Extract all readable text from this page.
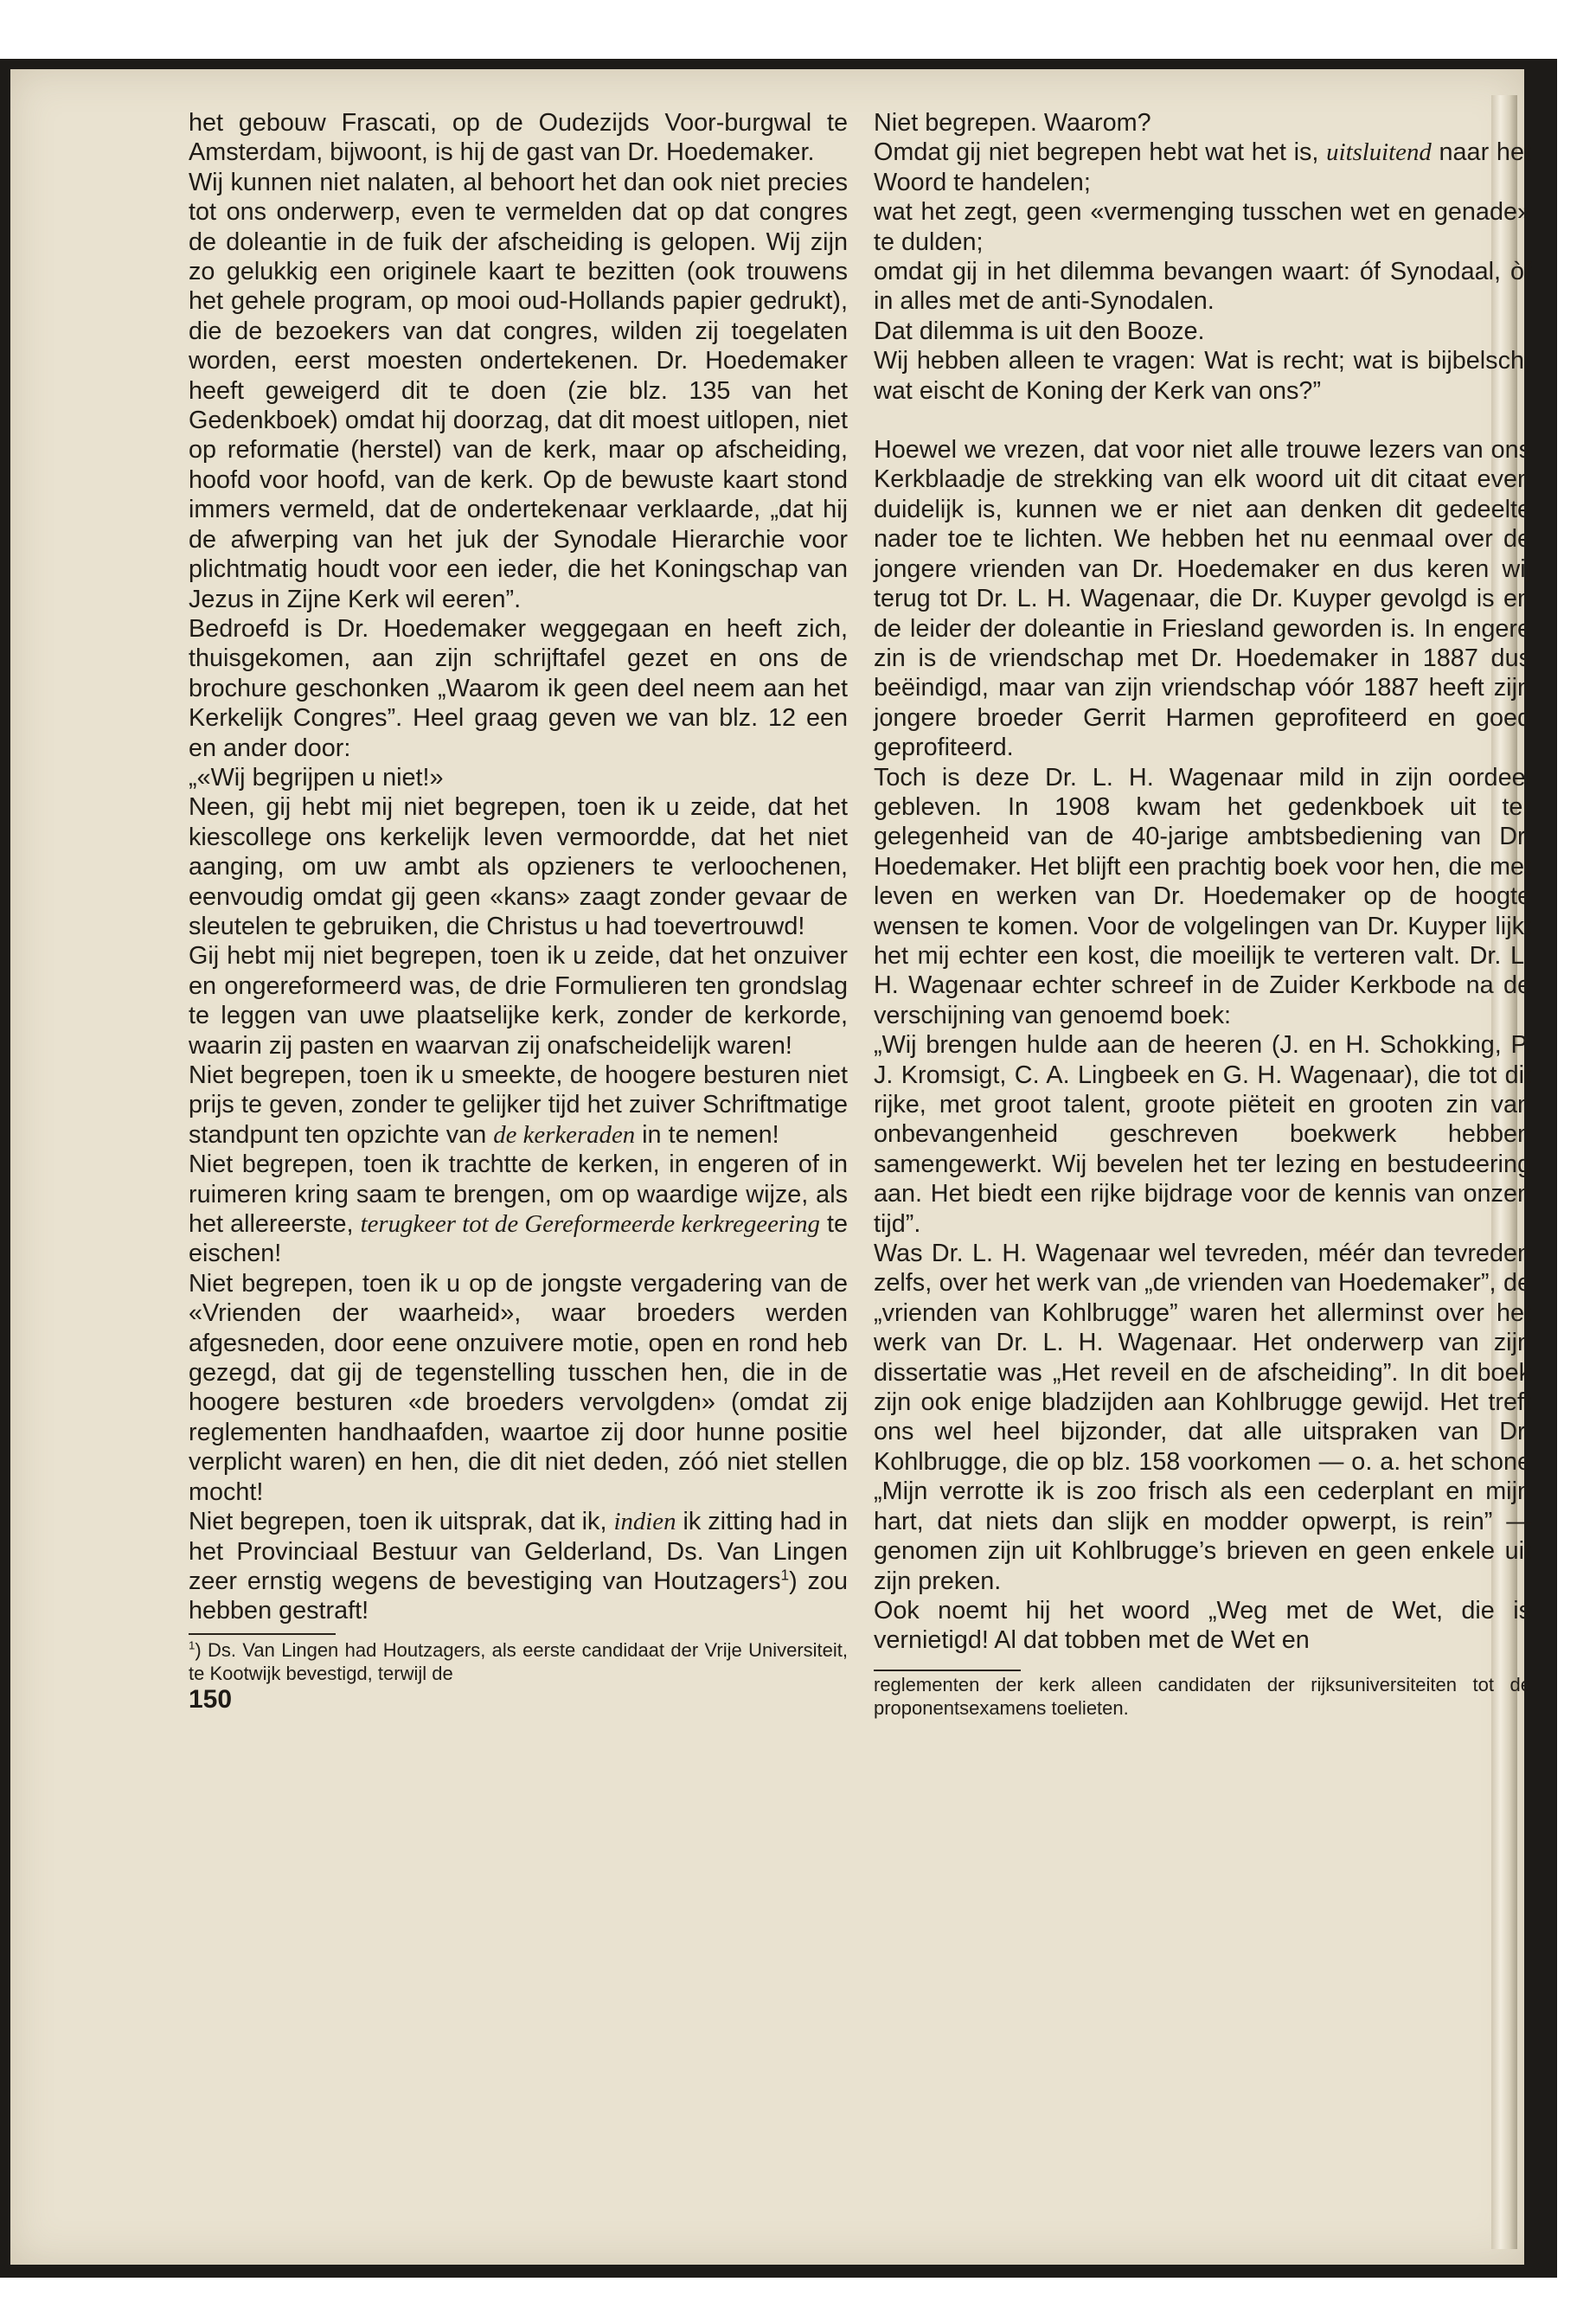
het gebouw Frascati, op de Oudezijds Voor-burgwal te Amsterdam, bijwoont, is hij de gast van Dr. Hoedemaker.

Wij kunnen niet nalaten, al behoort het dan ook niet precies tot ons onderwerp, even te vermelden dat op dat congres de doleantie in de fuik der afscheiding is gelopen. Wij zijn zo gelukkig een originele kaart te bezitten (ook trouwens het gehele program, op mooi oud-Hollands papier gedrukt), die de bezoekers van dat congres, wilden zij toegelaten worden, eerst moesten ondertekenen. Dr. Hoedemaker heeft geweigerd dit te doen (zie blz. 135 van het Gedenkboek) omdat hij doorzag, dat dit moest uitlopen, niet op reformatie (herstel) van de kerk, maar op afscheiding, hoofd voor hoofd, van de kerk. Op de bewuste kaart stond immers vermeld, dat de ondertekenaar verklaarde, „dat hij de afwerping van het juk der Synodale Hierarchie voor plichtmatig houdt voor een ieder, die het Koningschap van Jezus in Zijne Kerk wil eeren”.

Bedroefd is Dr. Hoedemaker weggegaan en heeft zich, thuisgekomen, aan zijn schrijftafel gezet en ons de brochure geschonken „Waarom ik geen deel neem aan het Kerkelijk Congres”. Heel graag geven we van blz. 12 een en ander door:

„«Wij begrijpen u niet!»

Neen, gij hebt mij niet begrepen, toen ik u zeide, dat het kiescollege ons kerkelijk leven vermoordde, dat het niet aanging, om uw ambt als opzieners te verloochenen, eenvoudig omdat gij geen «kans» zaagt zonder gevaar de sleutelen te gebruiken, die Christus u had toevertrouwd!

Gij hebt mij niet begrepen, toen ik u zeide, dat het onzuiver en ongereformeerd was, de drie Formulieren ten grondslag te leggen van uwe plaatselijke kerk, zonder de kerkorde, waarin zij pasten en waarvan zij onafscheidelijk waren!

Niet begrepen, toen ik u smeekte, de hoogere besturen niet prijs te geven, zonder te gelijker tijd het zuiver Schriftmatige standpunt ten opzichte van de kerkeraden in te nemen!

Niet begrepen, toen ik trachtte de kerken, in engeren of in ruimeren kring saam te brengen, om op waardige wijze, als het allereerste, terugkeer tot de Gereformeerde kerkregeering te eischen!

Niet begrepen, toen ik u op de jongste vergadering van de «Vrienden der waarheid», waar broeders werden afgesneden, door eene onzuivere motie, open en rond heb gezegd, dat gij de tegenstelling tusschen hen, die in de hoogere besturen «de broeders vervolgden» (omdat zij reglementen handhaafden, waartoe zij door hunne positie verplicht waren) en hen, die dit niet deden, zóó niet stellen mocht!

Niet begrepen, toen ik uitsprak, dat ik, indien ik zitting had in het Provinciaal Bestuur van Gelderland, Ds. Van Lingen zeer ernstig wegens de bevestiging van Houtzagers$^1$) zou hebben gestraft!

$^1$) Ds. Van Lingen had Houtzagers, als eerste candidaat der Vrije Universiteit, te Kootwijk bevestigd, terwijl de

150

Niet begrepen. Waarom?

Omdat gij niet begrepen hebt wat het is, uitsluitend naar het Woord te handelen;

wat het zegt, geen «vermenging tusschen wet en genade» te dulden;

omdat gij in het dilemma bevangen waart: óf Synodaal, òf in alles met de anti-Synodalen.

Dat dilemma is uit den Booze.

Wij hebben alleen te vragen: Wat is recht; wat is bijbelsch; wat eischt de Koning der Kerk van ons?”

Hoewel we vrezen, dat voor niet alle trouwe lezers van ons Kerkblaadje de strekking van elk woord uit dit citaat even duidelijk is, kunnen we er niet aan denken dit gedeelte nader toe te lichten. We hebben het nu eenmaal over de jongere vrienden van Dr. Hoedemaker en dus keren wij terug tot Dr. L. H. Wagenaar, die Dr. Kuyper gevolgd is en de leider der doleantie in Friesland geworden is. In engere zin is de vriendschap met Dr. Hoedemaker in 1887 dus beëindigd, maar van zijn vriendschap vóór 1887 heeft zijn jongere broeder Gerrit Harmen geprofiteerd en goed geprofiteerd.

Toch is deze Dr. L. H. Wagenaar mild in zijn oordeel gebleven. In 1908 kwam het gedenkboek uit ter gelegenheid van de 40-jarige ambtsbediening van Dr. Hoedemaker. Het blijft een prachtig boek voor hen, die met leven en werken van Dr. Hoedemaker op de hoogte wensen te komen. Voor de volgelingen van Dr. Kuyper lijkt het mij echter een kost, die moeilijk te verteren valt. Dr. L. H. Wagenaar echter schreef in de Zuider Kerkbode na de verschijning van genoemd boek:

„Wij brengen hulde aan de heeren (J. en H. Schokking, P. J. Kromsigt, C. A. Lingbeek en G. H. Wagenaar), die tot dit rijke, met groot talent, groote piëteit en grooten zin van onbevangenheid geschreven boekwerk hebben samengewerkt. Wij bevelen het ter lezing en bestudeering aan. Het biedt een rijke bijdrage voor de kennis van onzen tijd”.

Was Dr. L. H. Wagenaar wel tevreden, méér dan tevreden zelfs, over het werk van „de vrienden van Hoedemaker”, de „vrienden van Kohlbrugge” waren het allerminst over het werk van Dr. L. H. Wagenaar. Het onderwerp van zijn dissertatie was „Het reveil en de afscheiding”. In dit boek zijn ook enige bladzijden aan Kohlbrugge gewijd. Het treft ons wel heel bijzonder, dat alle uitspraken van Dr. Kohlbrugge, die op blz. 158 voorkomen — o. a. het schone „Mijn verrotte ik is zoo frisch als een cederplant en mijn hart, dat niets dan slijk en modder opwerpt, is rein” — genomen zijn uit Kohlbrugge’s brieven en geen enkele uit zijn preken.

Ook noemt hij het woord „Weg met de Wet, die is vernietigd! Al dat tobben met de Wet en

reglementen der kerk alleen candidaten der rijksuniversiteiten tot de proponentsexamens toelieten.
